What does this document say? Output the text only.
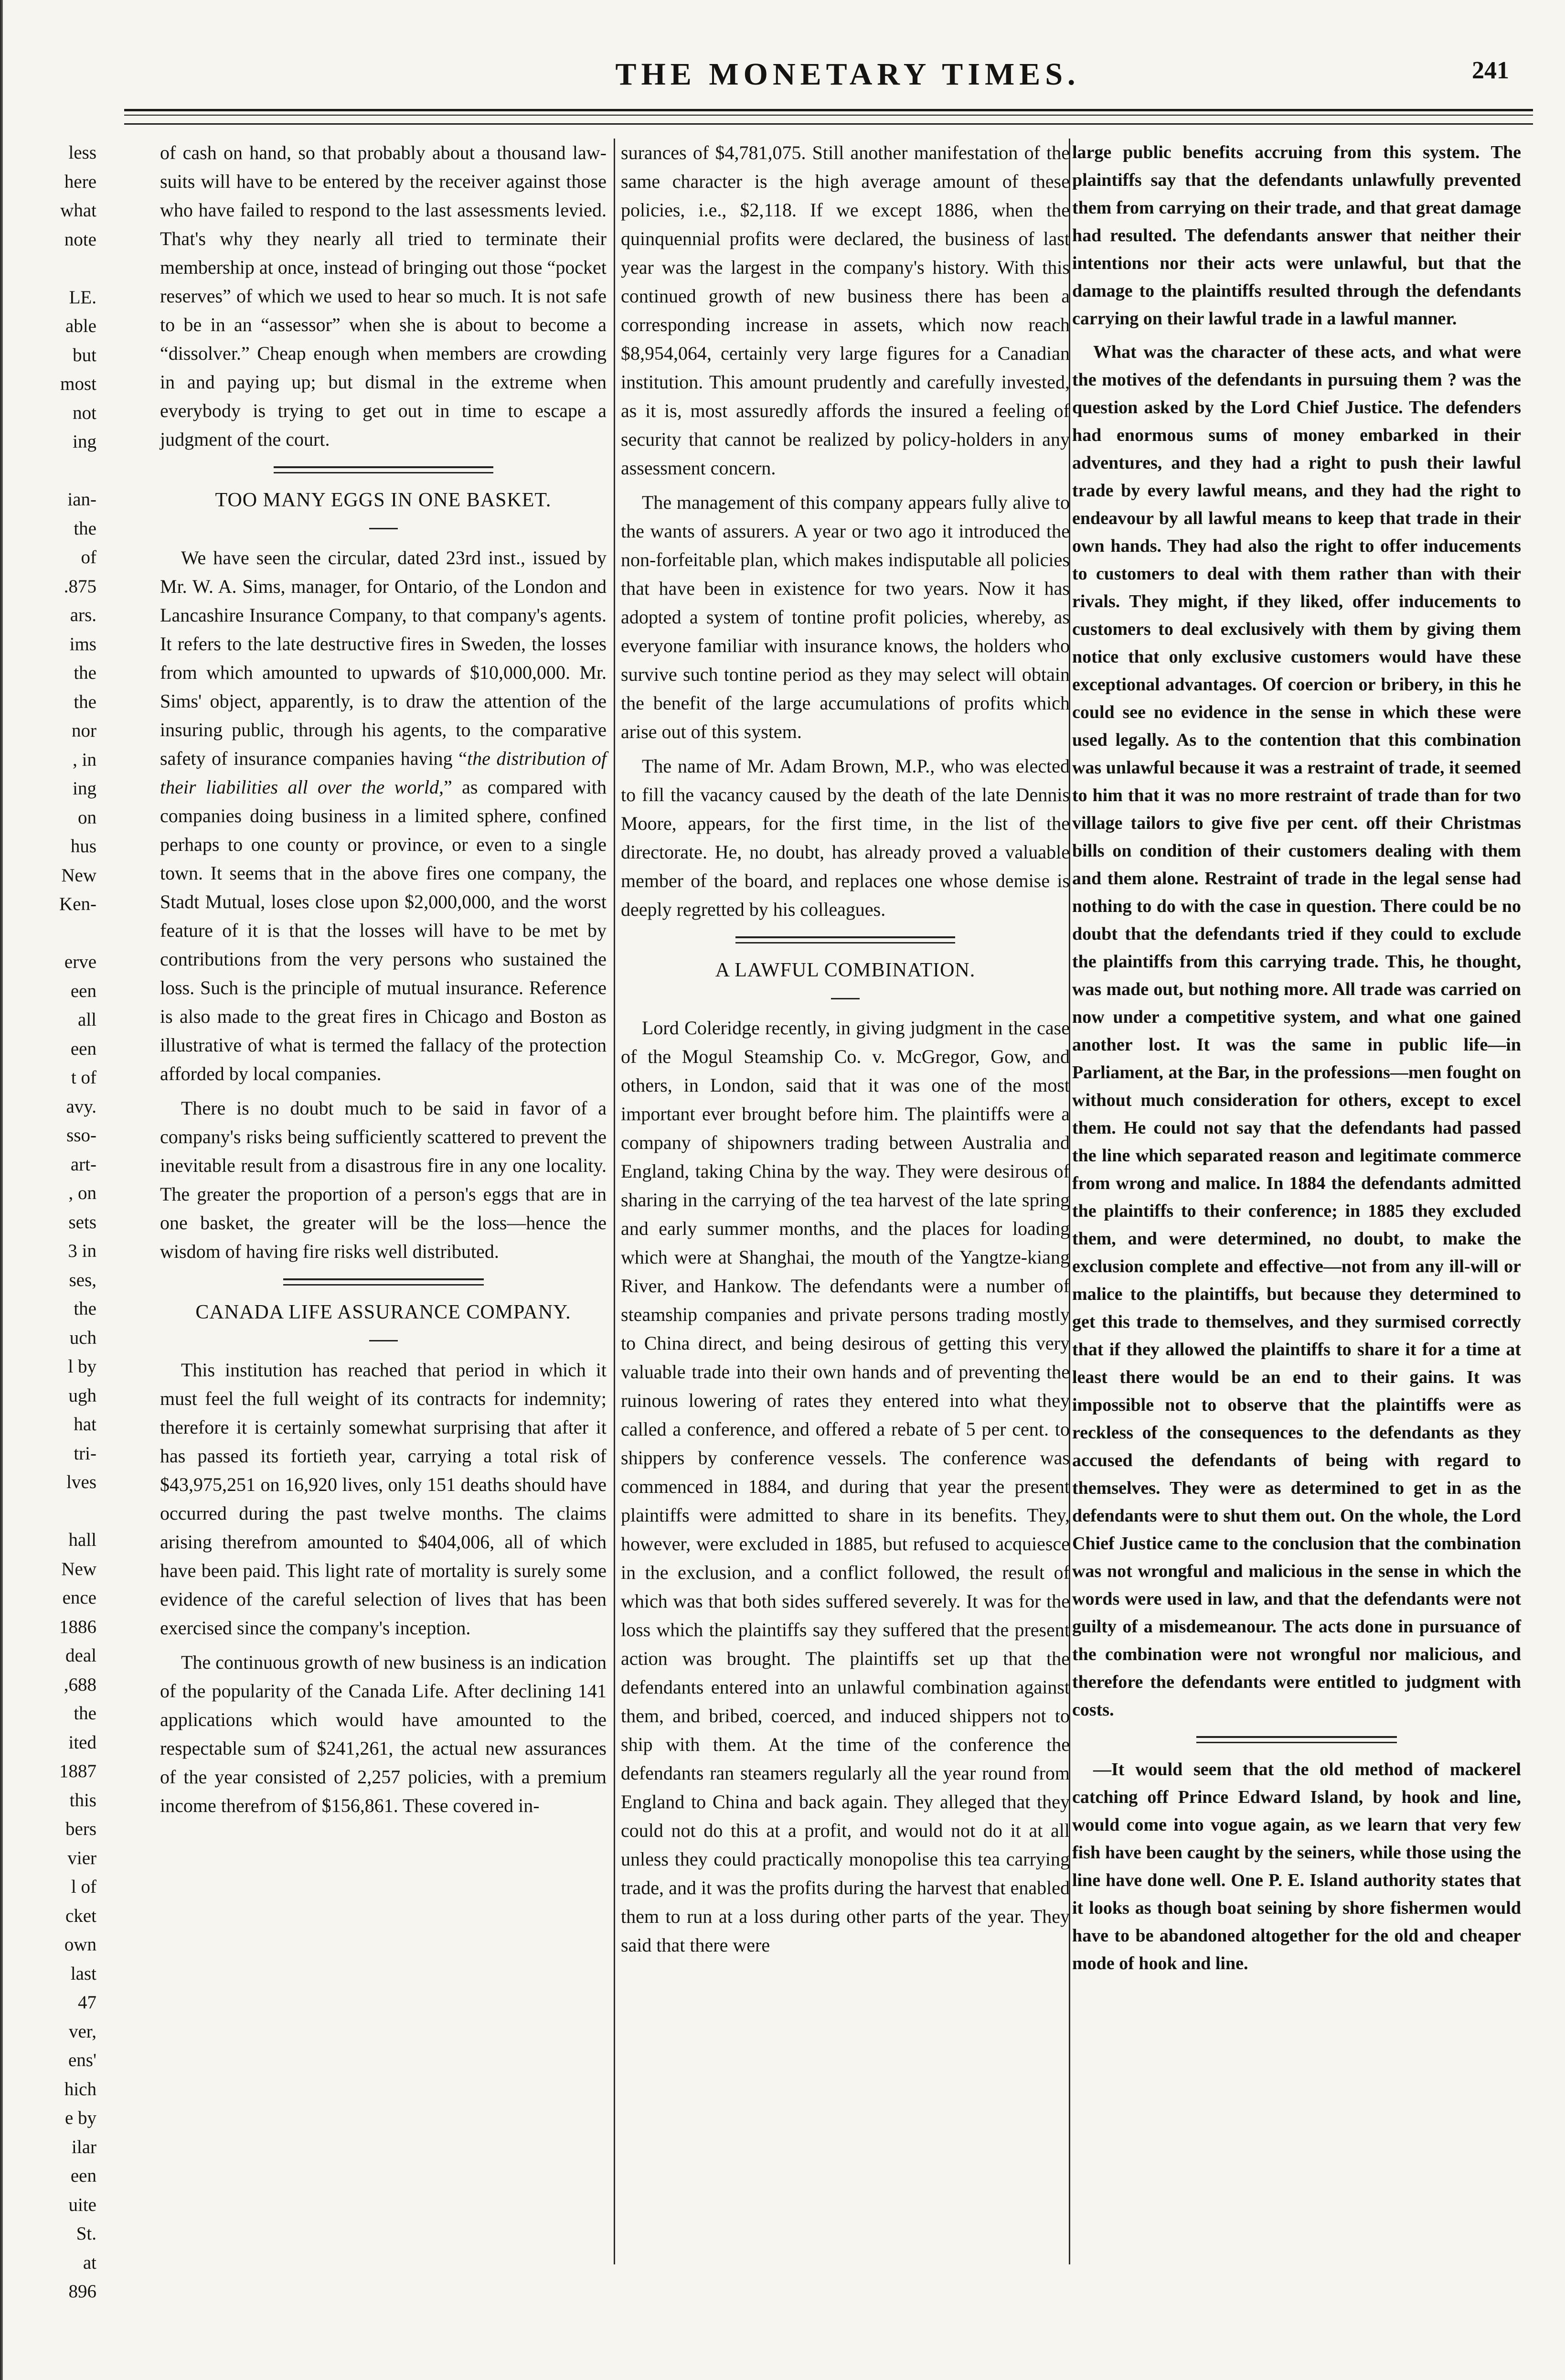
THE MONETARY TIMES.	241
less
here
what
note

LE.
able
but
most
not
ing

ian-
the
of
.875
ars.
ims
the
the
nor
, in
ing
on
hus
New
Ken-

erve
een
all
een
t of
avy.
sso-
art-
, on
sets
3 in
ses,
the
uch
l by
ugh
hat
tri-
lves

hall
New
ence
1886
deal
,688
the
ited
1887
this
bers
vier
l of
cket
own
last
47
ver,
ens'
hich
e by
ilar
een
uite
St.
at
896

of cash on hand, so that probably about a thousand law-suits will have to be entered by the receiver against those who have failed to respond to the last assessments levied. That's why they nearly all tried to terminate their membership at once, instead of bringing out those “pocket reserves” of which we used to hear so much. It is not safe to be in an “assessor” when she is about to become a “dissolver.” Cheap enough when members are crowding in and paying up; but dismal in the extreme when everybody is trying to get out in time to escape a judgment of the court.

TOO MANY EGGS IN ONE BASKET.

We have seen the circular, dated 23rd inst., issued by Mr. W. A. Sims, manager, for Ontario, of the London and Lancashire Insurance Company, to that company's agents. It refers to the late destructive fires in Sweden, the losses from which amounted to upwards of $10,000,000. Mr. Sims' object, apparently, is to draw the attention of the insuring public, through his agents, to the comparative safety of insurance companies having “the distribution of their liabilities all over the world,” as compared with companies doing business in a limited sphere, confined perhaps to one county or province, or even to a single town. It seems that in the above fires one company, the Stadt Mutual, loses close upon $2,000,000, and the worst feature of it is that the losses will have to be met by contributions from the very persons who sustained the loss. Such is the principle of mutual insurance. Reference is also made to the great fires in Chicago and Boston as illustrative of what is termed the fallacy of the protection afforded by local companies.

There is no doubt much to be said in favor of a company's risks being sufficiently scattered to prevent the inevitable result from a disastrous fire in any one locality. The greater the proportion of a person's eggs that are in one basket, the greater will be the loss—hence the wisdom of having fire risks well distributed.

CANADA LIFE ASSURANCE COMPANY.

This institution has reached that period in which it must feel the full weight of its contracts for indemnity; therefore it is certainly somewhat surprising that after it has passed its fortieth year, carrying a total risk of $43,975,251 on 16,920 lives, only 151 deaths should have occurred during the past twelve months. The claims arising therefrom amounted to $404,006, all of which have been paid. This light rate of mortality is surely some evidence of the careful selection of lives that has been exercised since the company's inception.

The continuous growth of new business is an indication of the popularity of the Canada Life. After declining 141 applications which would have amounted to the respectable sum of $241,261, the actual new assurances of the year consisted of 2,257 policies, with a premium income therefrom of $156,861. These covered in-

surances of $4,781,075. Still another manifestation of the same character is the high average amount of these policies, i.e., $2,118. If we except 1886, when the quinquennial profits were declared, the business of last year was the largest in the company's history. With this continued growth of new business there has been a corresponding increase in assets, which now reach $8,954,064, certainly very large figures for a Canadian institution. This amount prudently and carefully invested, as it is, most assuredly affords the insured a feeling of security that cannot be realized by policy-holders in any assessment concern.

The management of this company appears fully alive to the wants of assurers. A year or two ago it introduced the non-forfeitable plan, which makes indisputable all policies that have been in existence for two years. Now it has adopted a system of tontine profit policies, whereby, as everyone familiar with insurance knows, the holders who survive such tontine period as they may select will obtain the benefit of the large accumulations of profits which arise out of this system.

The name of Mr. Adam Brown, M.P., who was elected to fill the vacancy caused by the death of the late Dennis Moore, appears, for the first time, in the list of the directorate. He, no doubt, has already proved a valuable member of the board, and replaces one whose demise is deeply regretted by his colleagues.

A LAWFUL COMBINATION.

Lord Coleridge recently, in giving judgment in the case of the Mogul Steamship Co. v. McGregor, Gow, and others, in London, said that it was one of the most important ever brought before him. The plaintiffs were a company of shipowners trading between Australia and England, taking China by the way. They were desirous of sharing in the carrying of the tea harvest of the late spring and early summer months, and the places for loading which were at Shanghai, the mouth of the Yangtze-kiang River, and Hankow. The defendants were a number of steamship companies and private persons trading mostly to China direct, and being desirous of getting this very valuable trade into their own hands and of preventing the ruinous lowering of rates they entered into what they called a conference, and offered a rebate of 5 per cent. to shippers by conference vessels. The conference was commenced in 1884, and during that year the present plaintiffs were admitted to share in its benefits. They, however, were excluded in 1885, but refused to acquiesce in the exclusion, and a conflict followed, the result of which was that both sides suffered severely. It was for the loss which the plaintiffs say they suffered that the present action was brought. The plaintiffs set up that the defendants entered into an unlawful combination against them, and bribed, coerced, and induced shippers not to ship with them. At the time of the conference the defendants ran steamers regularly all the year round from England to China and back again. They alleged that they could not do this at a profit, and would not do it at all unless they could practically monopolise this tea carrying trade, and it was the profits during the harvest that enabled them to run at a loss during other parts of the year. They said that there were

large public benefits accruing from this system. The plaintiffs say that the defendants unlawfully prevented them from carrying on their trade, and that great damage had resulted. The defendants answer that neither their intentions nor their acts were unlawful, but that the damage to the plaintiffs resulted through the defendants carrying on their lawful trade in a lawful manner.

What was the character of these acts, and what were the motives of the defendants in pursuing them ? was the question asked by the Lord Chief Justice. The defenders had enormous sums of money embarked in their adventures, and they had a right to push their lawful trade by every lawful means, and they had the right to endeavour by all lawful means to keep that trade in their own hands. They had also the right to offer inducements to customers to deal with them rather than with their rivals. They might, if they liked, offer inducements to customers to deal exclusively with them by giving them notice that only exclusive customers would have these exceptional advantages. Of coercion or bribery, in this he could see no evidence in the sense in which these were used legally. As to the contention that this combination was unlawful because it was a restraint of trade, it seemed to him that it was no more restraint of trade than for two village tailors to give five per cent. off their Christmas bills on condition of their customers dealing with them and them alone. Restraint of trade in the legal sense had nothing to do with the case in question. There could be no doubt that the defendants tried if they could to exclude the plaintiffs from this carrying trade. This, he thought, was made out, but nothing more. All trade was carried on now under a competitive system, and what one gained another lost. It was the same in public life—in Parliament, at the Bar, in the professions—men fought on without much consideration for others, except to excel them. He could not say that the defendants had passed the line which separated reason and legitimate commerce from wrong and malice. In 1884 the defendants admitted the plaintiffs to their conference; in 1885 they excluded them, and were determined, no doubt, to make the exclusion complete and effective—not from any ill-will or malice to the plaintiffs, but because they determined to get this trade to themselves, and they surmised correctly that if they allowed the plaintiffs to share it for a time at least there would be an end to their gains. It was impossible not to observe that the plaintiffs were as reckless of the consequences to the defendants as they accused the defendants of being with regard to themselves. They were as determined to get in as the defendants were to shut them out. On the whole, the Lord Chief Justice came to the conclusion that the combination was not wrongful and malicious in the sense in which the words were used in law, and that the defendants were not guilty of a misdemeanour. The acts done in pursuance of the combination were not wrongful nor malicious, and therefore the defendants were entitled to judgment with costs.

—It would seem that the old method of mackerel catching off Prince Edward Island, by hook and line, would come into vogue again, as we learn that very few fish have been caught by the seiners, while those using the line have done well. One P. E. Island authority states that it looks as though boat seining by shore fishermen would have to be abandoned altogether for the old and cheaper mode of hook and line.
